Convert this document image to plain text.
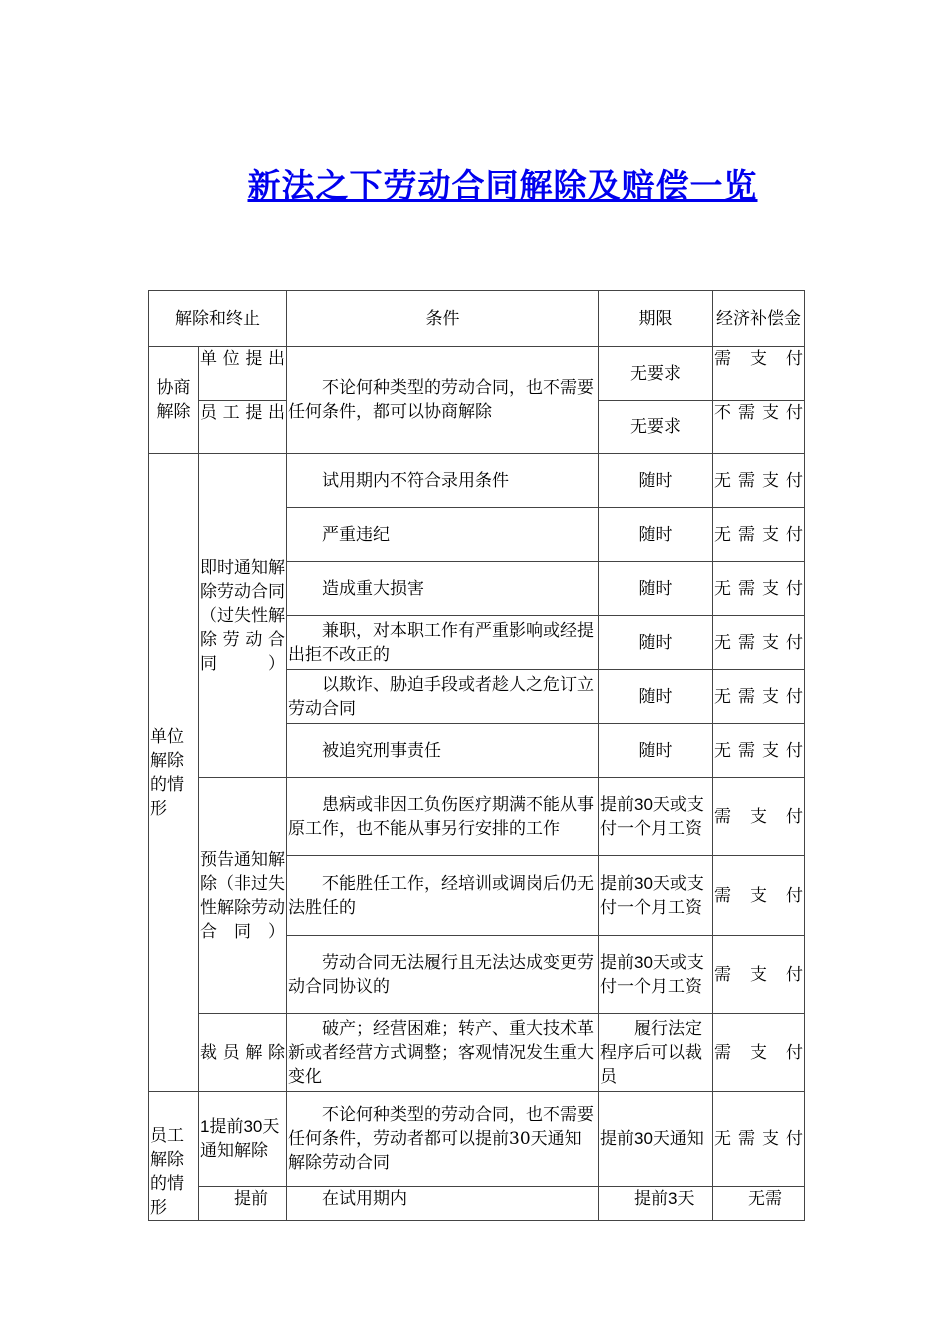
新法之下劳动合同解除及赔偿一览
解除和终止		条件	期限	经济补偿金
协商解除	单位提出	不论何种类型的劳动合同，也不需要任何条件，都可以协商解除	无要求	需支付
	员工提出		无要求	不需支付
单位解除的情形	即时通知解除劳动合同（过失性解除劳动合同）	试用期内不符合录用条件	随时	无需支付
		严重违纪	随时	无需支付
		造成重大损害	随时	无需支付
		兼职，对本职工作有严重影响或经提出拒不改正的	随时	无需支付
		以欺诈、胁迫手段或者趁人之危订立劳动合同	随时	无需支付
		被追究刑事责任	随时	无需支付
	预告通知解除（非过失性解除劳动合同）	患病或非因工负伤医疗期满不能从事原工作，也不能从事另行安排的工作	提前30天或支付一个月工资	需支付
		不能胜任工作，经培训或调岗后仍无法胜任的	提前30天或支付一个月工资	需支付
		劳动合同无法履行且无法达成变更劳动合同协议的	提前30天或支付一个月工资	需支付
	裁员解除	破产；经营困难；转产、重大技术革新或者经营方式调整；客观情况发生重大变化	履行法定程序后可以裁员	需支付
员工解除的情形	1提前30天通知解除	不论何种类型的劳动合同，也不需要任何条件，劳动者都可以提前30天通知解除劳动合同	提前30天通知	无需支付
	提前	在试用期内	提前3天	无需
